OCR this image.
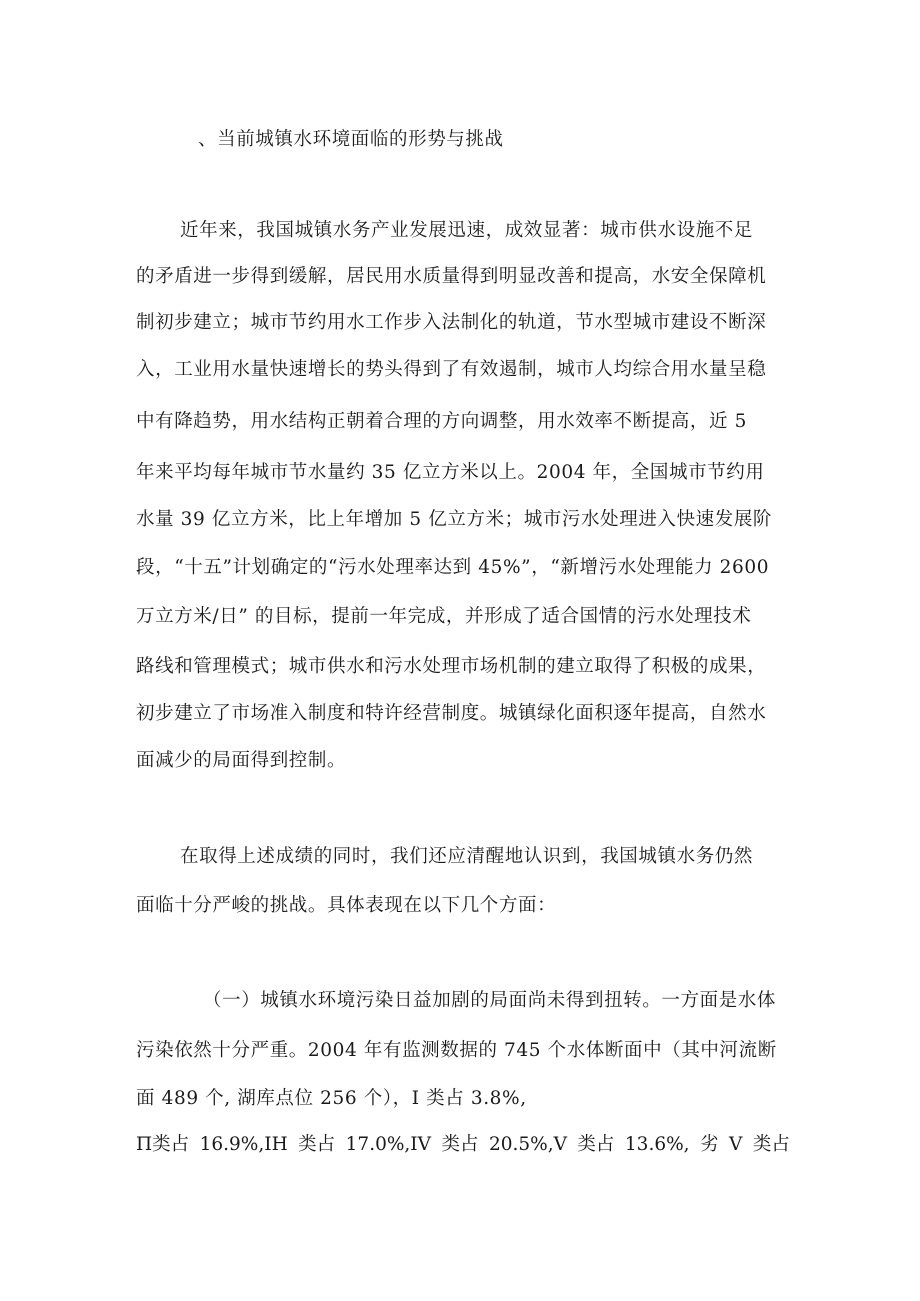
、当前城镇水环境面临的形势与挑战
近年来，我国城镇水务产业发展迅速，成效显著：城市供水设施不足
的矛盾进一步得到缓解，居民用水质量得到明显改善和提高，水安全保障机
制初步建立；城市节约用水工作步入法制化的轨道，节水型城市建设不断深
入，工业用水量快速增长的势头得到了有效遏制，城市人均综合用水量呈稳
中有降趋势，用水结构正朝着合理的方向调整，用水效率不断提高，近 5
年来平均每年城市节水量约 35 亿立方米以上。2004 年，全国城市节约用
水量 39 亿立方米，比上年增加 5 亿立方米；城市污水处理进入快速发展阶
段，“十五”计划确定的“污水处理率达到 45%”，“新增污水处理能力 2600
万立方米/日” 的目标，提前一年完成，并形成了适合国情的污水处理技术
路线和管理模式；城市供水和污水处理市场机制的建立取得了积极的成果，
初步建立了市场准入制度和特许经营制度。城镇绿化面积逐年提高，自然水
面减少的局面得到控制。
在取得上述成绩的同时，我们还应清醒地认识到，我国城镇水务仍然
面临十分严峻的挑战。具体表现在以下几个方面：
（一）城镇水环境污染日益加剧的局面尚未得到扭转。一方面是水体
污染依然十分严重。2004 年有监测数据的 745 个水体断面中（其中河流断
面 489 个, 湖库点位 256 个），I 类占 3.8%,
Π类占 16.9%,IH 类占 17.0%,IV 类占 20.5%,V 类占 13.6%, 劣 V 类占
